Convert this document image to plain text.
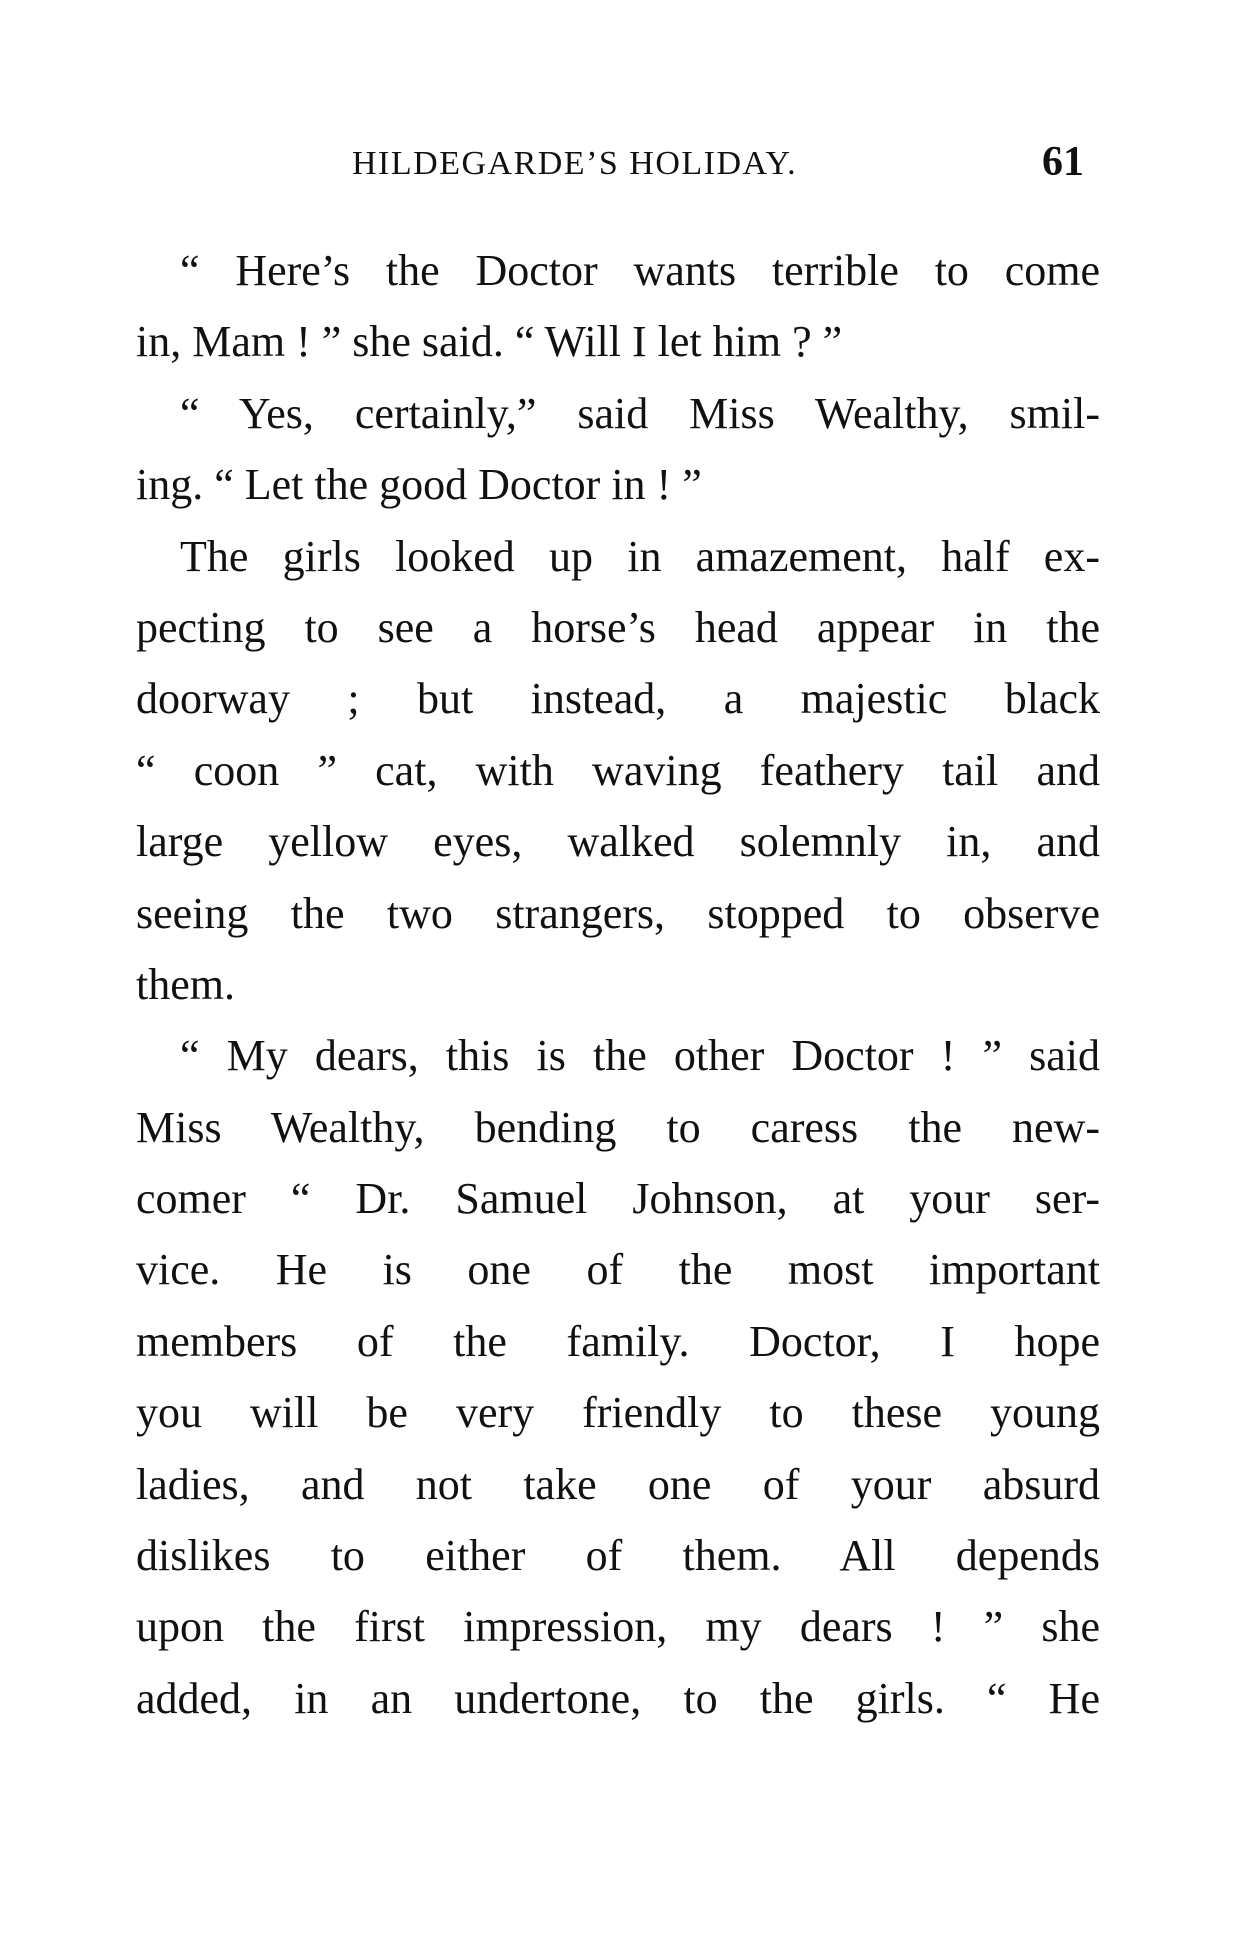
HILDEGARDE’S HOLIDAY.	61
“ Here’s the Doctor wants terrible to come
in, Mam ! ” she said. “ Will I let him ? ”
“ Yes, certainly,” said Miss Wealthy, smil-
ing. “ Let the good Doctor in ! ”
The girls looked up in amazement, half ex-
pecting to see a horse’s head appear in the
doorway ; but instead, a majestic black
“ coon ” cat, with waving feathery tail and
large yellow eyes, walked solemnly in, and
seeing the two strangers, stopped to observe
them.
“ My dears, this is the other Doctor ! ” said
Miss Wealthy, bending to caress the new-
comer “ Dr. Samuel Johnson, at your ser-
vice. He is one of the most important
members of the family. Doctor, I hope
you will be very friendly to these young
ladies, and not take one of your absurd
dislikes to either of them. All depends
upon the first impression, my dears ! ” she
added, in an undertone, to the girls. “ He
